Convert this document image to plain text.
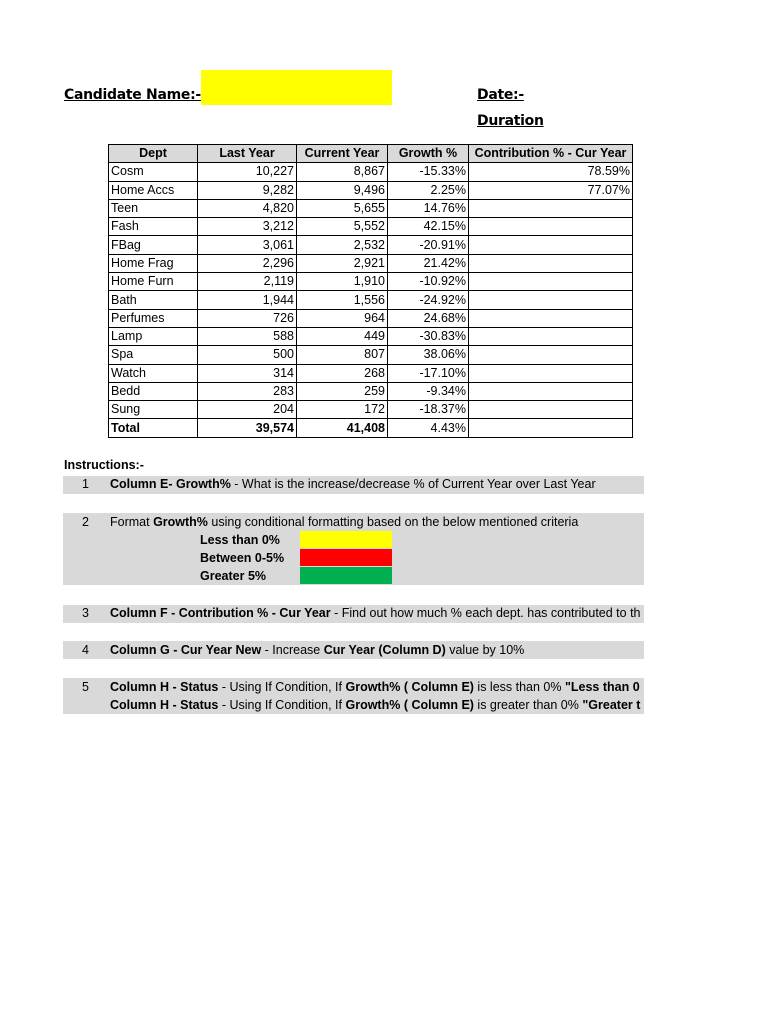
Candidate Name:-	Date:-
Duration
Dept	Last Year	Current Year	Growth %	Contribution % - Cur Year
Cosm	10,227	8,867	-15.33%	78.59%
Home Accs	9,282	9,496	2.25%	77.07%
Teen	4,820	5,655	14.76%	
Fash	3,212	5,552	42.15%	
FBag	3,061	2,532	-20.91%	
Home Frag	2,296	2,921	21.42%	
Home Furn	2,119	1,910	-10.92%	
Bath	1,944	1,556	-24.92%	
Perfumes	726	964	24.68%	
Lamp	588	449	-30.83%	
Spa	500	807	38.06%	
Watch	314	268	-17.10%	
Bedd	283	259	-9.34%	
Sung	204	172	-18.37%	
Total	39,574	41,408	4.43%	
Instructions:-
1 Column E- Growth% - What is the increase/decrease % of Current Year over Last Year
2 Format Growth% using conditional formatting based on the below mentioned criteria
Less than 0%
Between 0-5%
Greater 5%
3 Column F - Contribution % - Cur Year - Find out how much % each dept. has contributed to th
4 Column G - Cur Year New - Increase Cur Year (Column D) value by 10%
5 Column H - Status - Using If Condition, If Growth% ( Column E) is less than 0% "Less than 0
Column H - Status - Using If Condition, If Growth% ( Column E) is greater than 0% "Greater t
